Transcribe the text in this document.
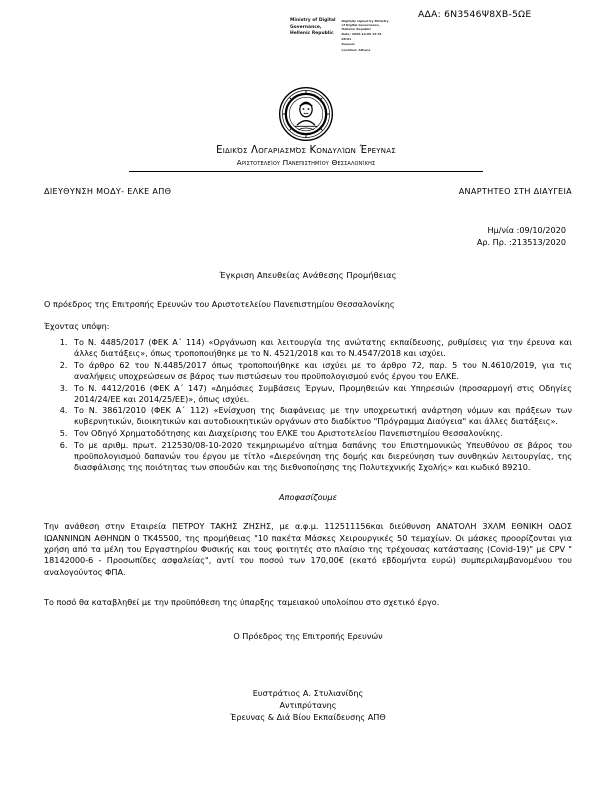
ΑΔΑ: 6Ν3546Ψ8ΧΒ-5ΩΕ
Ministry of Digital
Governance,
Hellenic Republic
Digitally signed by Ministry
of Digital Governance,
Hellenic Republic
Date: 2020.10.09 12:31
08:01
Reason:
Location: Athens
Ειδικός Λογαριασμός Κονδυλίων Έρευνας
Αριστοτελείου Πανεπιστημίου Θεσσαλονίκης
ΔΙΕΥΘΥΝΣΗ ΜΟΔΥ- ΕΛΚΕ ΑΠΘ	ΑΝΑΡΤΗΤΕΟ ΣΤΗ ΔΙΑΥΓΕΙΑ
Ημ/νία :09/10/2020
Αρ. Πρ. :213513/2020
Έγκριση Απευθείας Ανάθεσης Προμήθειας
Ο πρόεδρος της Επιτροπής Ερευνών του Αριστοτελείου Πανεπιστημίου Θεσσαλονίκης
Έχοντας υπόψη:
1. Το Ν. 4485/2017 (ΦΕΚ Α΄ 114) «Οργάνωση και λειτουργία της ανώτατης εκπαίδευσης, ρυθμίσεις για την έρευνα και άλλες διατάξεις», όπως τροποποιήθηκε με το Ν. 4521/2018 και το Ν.4547/2018 και ισχύει.
2. Το άρθρο 62 του Ν.4485/2017 όπως τροποποιήθηκε και ισχύει με το άρθρο 72, παρ. 5 του Ν.4610/2019, για τις αναλήψεις υποχρεώσεων σε βάρος των πιστώσεων του προϋπολογισμού ενός έργου του ΕΛΚΕ.
3. Το Ν. 4412/2016 (ΦΕΚ Α΄ 147) «Δημόσιες Συμβάσεις Έργων, Προμηθειών και Υπηρεσιών (προσαρμογή στις Οδηγίες 2014/24/ΕΕ και 2014/25/ΕΕ)», όπως ισχύει.
4. Το Ν. 3861/2010 (ΦΕΚ Α΄ 112) «Ενίσχυση της διαφάνειας με την υποχρεωτική ανάρτηση νόμων και πράξεων των κυβερνητικών, διοικητικών και αυτοδιοικητικών οργάνων στο διαδίκτυο "Πρόγραμμα Διαύγεια" και άλλες διατάξεις».
5. Τον Οδηγό Χρηματοδότησης και Διαχείρισης του ΕΛΚΕ του Αριστοτελείου Πανεπιστημίου Θεσσαλονίκης.
6. Το με αριθμ. πρωτ. 212530/08-10-2020 τεκμηριωμένο αίτημα δαπάνης του Επιστημονικώς Υπευθύνου σε βάρος του προϋπολογισμού δαπανών του έργου με τίτλο «Διερεύνηση της δομής και διερεύνηση των συνθηκών λειτουργίας, της διασφάλισης της ποιότητας των σπουδών και της διεθνοποίησης της Πολυτεχνικής Σχολής» και κωδικό 89210.
Αποφασίζουμε
Την ανάθεση στην Εταιρεία ΠΕΤΡΟΥ ΤΑΚΗΣ ΖΗΣΗΣ, με α.φ.μ. 112511156και διεύθυνση ΑΝΑΤΟΛΗ 3ΧΛΜ ΕΘΝΙΚΗ ΟΔΟΣ ΙΩΑΝΝΙΝΩΝ ΑΘΗΝΩΝ 0 ΤΚ45500, της προμήθειας "10 πακέτα Μάσκες Χειρουργικές 50 τεμαχίων. Οι μάσκες προορίζονται για χρήση από τα μέλη του Εργαστηρίου Φυσικής και τους φοιτητές στο πλαίσιο της τρέχουσας κατάστασης (Covid-19)" με CPV " 18142000-6 - Προσωπίδες ασφαλείας", αντί του ποσού των 170,00€ (εκατό εβδομήντα ευρώ) συμπεριλαμβανομένου του αναλογούντος ΦΠΑ.
Το ποσό θα καταβληθεί με την προϋπόθεση της ύπαρξης ταμειακού υπολοίπου στο σχετικό έργο.
Ο Πρόεδρος της Επιτροπής Ερευνών
Ευστράτιος Α. Στυλιανίδης
Αντιπρύτανης
Έρευνας & Διά Βίου Εκπαίδευσης ΑΠΘ
